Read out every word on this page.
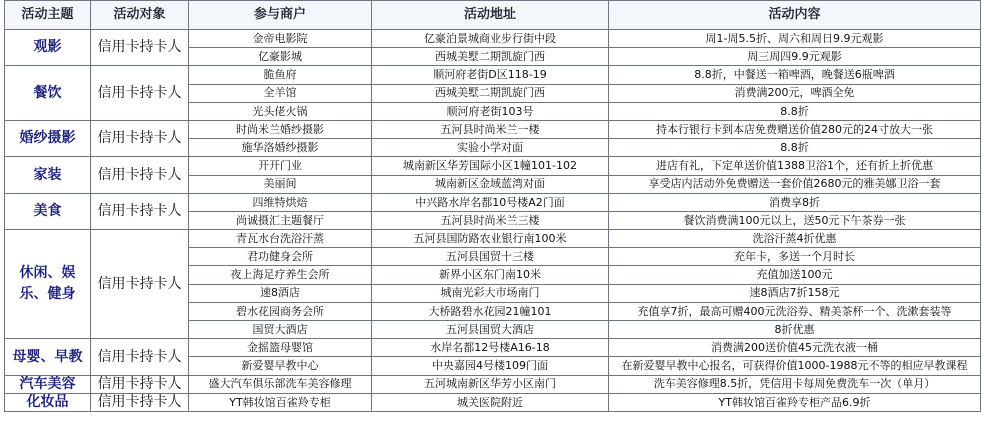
活动主题	活动对象	参与商户	活动地址	活动内容
观影	信用卡持卡人	金帝电影院	亿豪泊景城商业步行街中段	周1-周5.5折、周六和周日9.9元观影
		亿豪影城	西城美墅二期凯旋门西	周三周四9.9元观影
餐饮	信用卡持卡人	脆鱼府	顺河府老街D区118-19	8.8折，中餐送一箱啤酒，晚餐送6瓶啤酒
		全羊馆	西城美墅二期凯旋门西	消费满200元，啤酒全免
		光头佬火锅	顺河府老街103号	8.8折
婚纱摄影	信用卡持卡人	时尚米兰婚纱摄影	五河县时尚米兰一楼	持本行银行卡到本店免费赠送价值280元的24寸放大一张
		施华洛婚纱摄影	实验小学对面	8.8折
家装	信用卡持卡人	开开门业	城南新区华芳国际小区1幢101-102	进店有礼，下定单送价值1388卫浴1个，还有折上折优惠
		美丽间	城南新区金域蓝湾对面	享受店内活动外免费赠送一套价值2680元的雅美娜卫浴一套
美食	信用卡持卡人	四维特烘焙	中兴路水岸名都10号楼A2门面	消费享8折
		尚诚摄汇主题餐厅	五河县时尚米兰三楼	餐饮消费满100元以上，送50元下午茶券一张
休闲、娱乐、健身	信用卡持卡人	青瓦水台洗浴汗蒸	五河县国防路农业银行南100米	洗浴汗蒸4折优惠
		君功健身会所	五河县国贸十三楼	充年卡，多送一个月时长
		夜上海足疗养生会所	新界小区东门南10米	充值加送100元
		速8酒店	城南光彩大市场南门	速8酒店7折158元
		碧水花园商务会所	大桥路碧水花园21幢101	充值享7折，最高可赠400元洗浴券、精美茶杯一个、洗漱套装等
		国贸大酒店	五河县国贸大酒店	8折优惠
母婴、早教	信用卡持卡人	金摇篮母婴馆	水岸名都12号楼A16-18	消费满200送价值45元洗衣液一桶
		新爱婴早教中心	中央嘉园4号楼109门面	在新爱婴早教中心报名，可获得价值1000-1988元不等的相应早教课程
汽车美容	信用卡持卡人	盛大汽车俱乐部洗车美容修理	五河城南新区华芳小区南门	洗车美容修理8.5折，凭信用卡每周免费洗车一次（单月）
化妆品	信用卡持卡人	YT韩妆馆百雀羚专柜	城关医院附近	YT韩妆馆百雀羚专柜产品6.9折
